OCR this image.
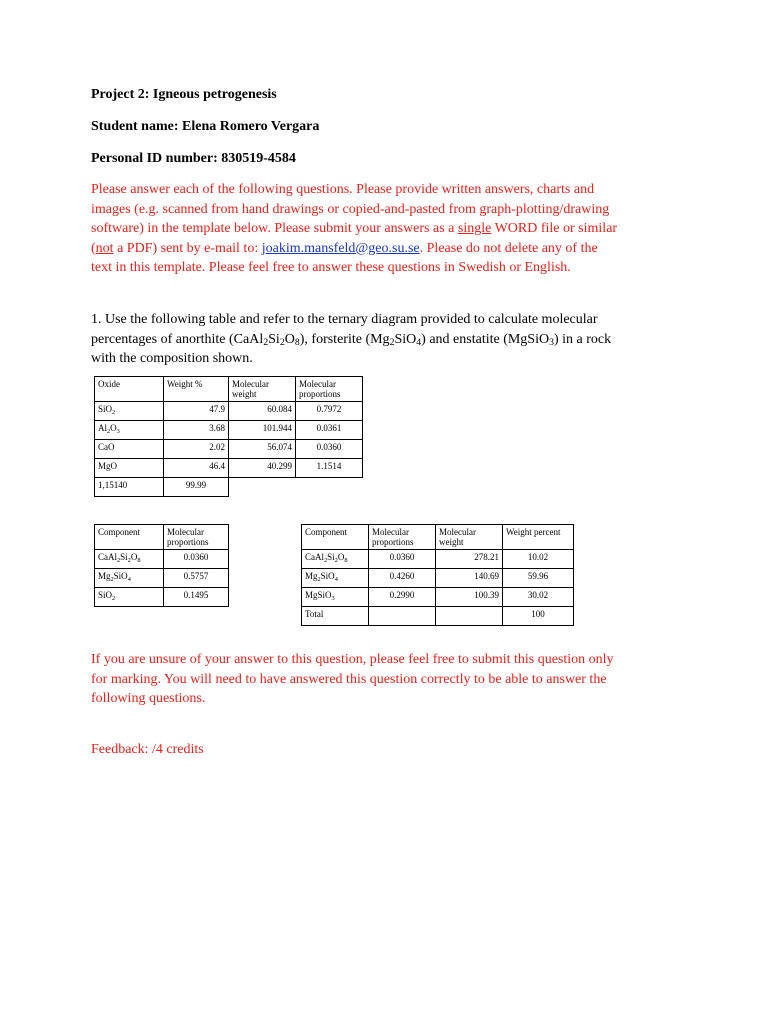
Project 2: Igneous petrogenesis
Student name: Elena Romero Vergara
Personal ID number: 830519-4584
Please answer each of the following questions. Please provide written answers, charts and
images (e.g. scanned from hand drawings or copied-and-pasted from graph-plotting/drawing
software) in the template below. Please submit your answers as a single WORD file or similar
(not a PDF) sent by e-mail to: joakim.mansfeld@geo.su.se. Please do not delete any of the
text in this template. Please feel free to answer these questions in Swedish or English.
1. Use the following table and refer to the ternary diagram provided to calculate molecular
percentages of anorthite $(CaAl_2Si_2O_8)$, forsterite $(Mg_2SiO_4)$ and enstatite (MgSiO$_3$) in a rock
with the composition shown.
Oxide	Weight %	Molecular weight	Molecular proportions
SiO$_2$	47.9	60.084	0.7972
$Al_2O_3$	3.68	101.944	0.0361
CaO	2.02	56.074	0.0360
MgO	46.4	40.299	1.1514
1,15140	99.99		
Component	Molecular proportions
$CaAl_2Si_2O_8$	0.0360
$Mg_2SiO_4$	0.5757
SiO$_2$	0.1495
Component	Molecular proportions	Molecular weight	Weight percent
$CaAl_2Si_2O_8$	0.0360	278.21	10.02
$Mg_2SiO_4$	0.4260	140.69	59.96
MgSiO$_3$	0.2990	100.39	30.02
Total			100
If you are unsure of your answer to this question, please feel free to submit this question only
for marking. You will need to have answered this question correctly to be able to answer the
following questions.
Feedback: /4 credits
